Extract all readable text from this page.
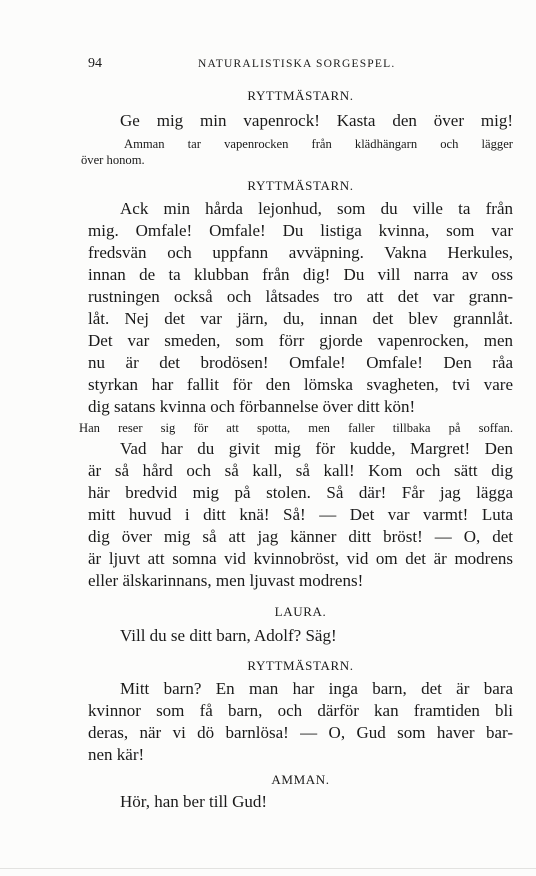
94	NATURALISTISKA SORGESPEL.

RYTTMÄSTARN.

Ge mig min vapenrock! Kasta den över mig!

Amman tar vapenrocken från klädhängarn och lägger

över honom.

RYTTMÄSTARN.

Ack min hårda lejonhud, som du ville ta från

mig. Omfale! Omfale! Du listiga kvinna, som var

fredsvän och uppfann avväpning. Vakna Herkules,

innan de ta klubban från dig! Du vill narra av oss

rustningen också och låtsades tro att det var grann-

låt. Nej det var järn, du, innan det blev grannlåt.

Det var smeden, som förr gjorde vapenrocken, men

nu är det brodösen! Omfale! Omfale! Den råa

styrkan har fallit för den lömska svagheten, tvi vare

dig satans kvinna och förbannelse över ditt kön!

Han reser sig för att spotta, men faller tillbaka på soffan.

Vad har du givit mig för kudde, Margret! Den

är så hård och så kall, så kall! Kom och sätt dig

här bredvid mig på stolen. Så där! Får jag lägga

mitt huvud i ditt knä! Så! — Det var varmt! Luta

dig över mig så att jag känner ditt bröst! — O, det

är ljuvt att somna vid kvinnobröst, vid om det är modrens

eller älskarinnans, men ljuvast modrens!

LAURA.

Vill du se ditt barn, Adolf? Säg!

RYTTMÄSTARN.

Mitt barn? En man har inga barn, det är bara

kvinnor som få barn, och därför kan framtiden bli

deras, när vi dö barnlösa! — O, Gud som haver bar-

nen kär!

AMMAN.

Hör, han ber till Gud!
